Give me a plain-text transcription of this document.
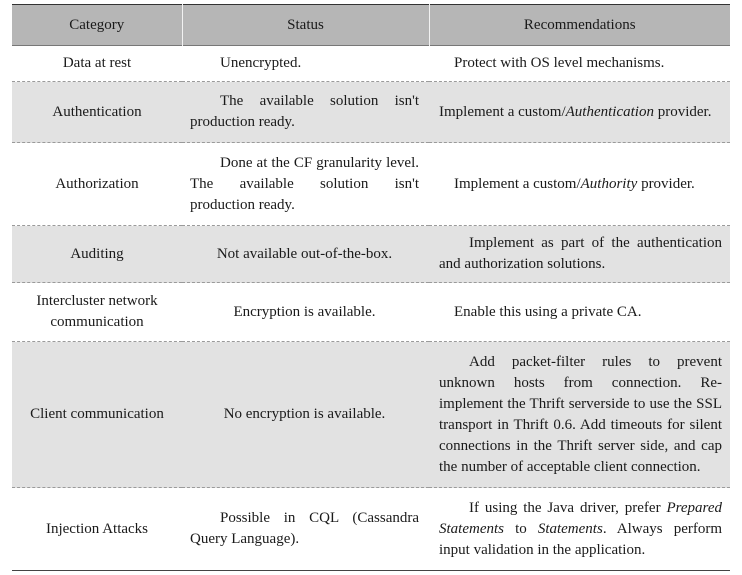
Category	Status	Recommendations
Data at rest	Unencrypted.	Protect with OS level mechanisms.
Authentication	The available solution isn't production ready.	Implement a custom/Authentication provider.
Authorization	Done at the CF granularity level. The available solution isn't production ready.	Implement a custom/Authority provider.
Auditing	Not available out-of-the-box.	Implement as part of the authentication and authorization solutions.
Intercluster network communication	Encryption is available.	Enable this using a private CA.
Client communication	No encryption is available.	Add packet-filter rules to prevent unknown hosts from connection. Re-implement the Thrift serverside to use the SSL transport in Thrift 0.6. Add timeouts for silent connections in the Thrift server side, and cap the number of acceptable client connection.
Injection Attacks	Possible in CQL (Cassandra Query Language).	If using the Java driver, prefer Prepared Statements to Statements. Always perform input validation in the application.
